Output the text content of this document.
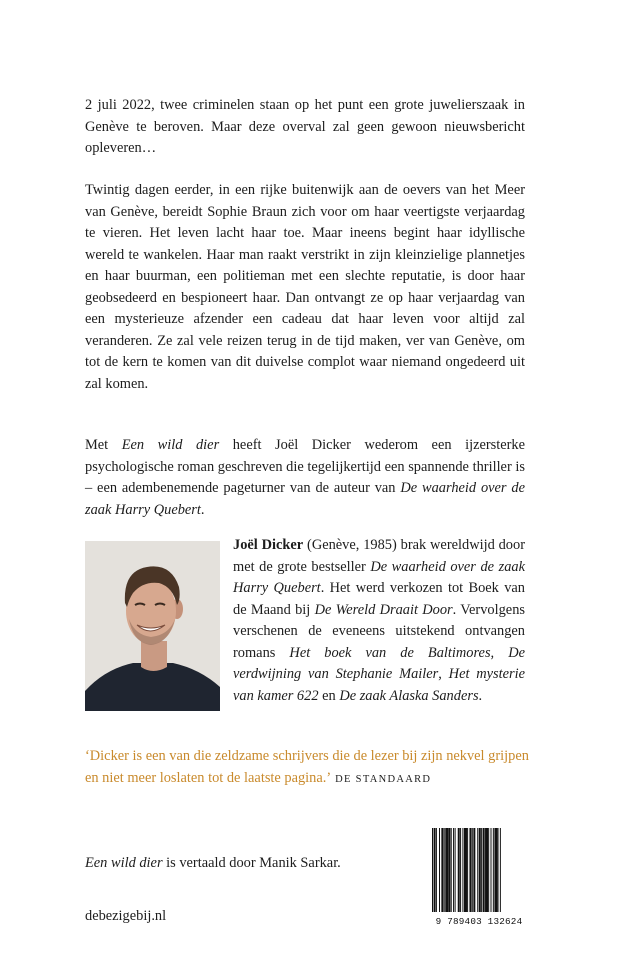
2 juli 2022, twee criminelen staan op het punt een grote juwelierszaak in Genève te beroven. Maar deze overval zal geen gewoon nieuwsbericht opleveren…

Twintig dagen eerder, in een rijke buitenwijk aan de oevers van het Meer van Genève, bereidt Sophie Braun zich voor om haar veertigste verjaardag te vieren. Het leven lacht haar toe. Maar ineens begint haar idyllische wereld te wankelen. Haar man raakt verstrikt in zijn kleinzielige plannetjes en haar buurman, een politieman met een slechte reputatie, is door haar geobsedeerd en bespioneert haar. Dan ontvangt ze op haar verjaardag van een mysterieuze afzender een cadeau dat haar leven voor altijd zal veranderen. Ze zal vele reizen terug in de tijd maken, ver van Genève, om tot de kern te komen van dit duivelse complot waar niemand ongedeerd uit zal komen.

Met Een wild dier heeft Joël Dicker wederom een ijzersterke psychologische roman geschreven die tegelijkertijd een spannende thriller is – een adembenemende pageturner van de auteur van De waarheid over de zaak Harry Quebert.

Joël Dicker (Genève, 1985) brak wereldwijd door met de grote bestseller De waarheid over de zaak Harry Quebert. Het werd verkozen tot Boek van de Maand bij De Wereld Draait Door. Vervolgens verschenen de eveneens uitstekend ontvangen romans Het boek van de Baltimores, De verdwijning van Stephanie Mailer, Het mysterie van kamer 622 en De zaak Alaska Sanders.

‘Dicker is een van die zeldzame schrijvers die de lezer bij zijn nekvel grijpen en niet meer loslaten tot de laatste pagina.’ DE STANDAARD

Een wild dier is vertaald door Manik Sarkar.

debezigebij.nl	9 789403 132624
